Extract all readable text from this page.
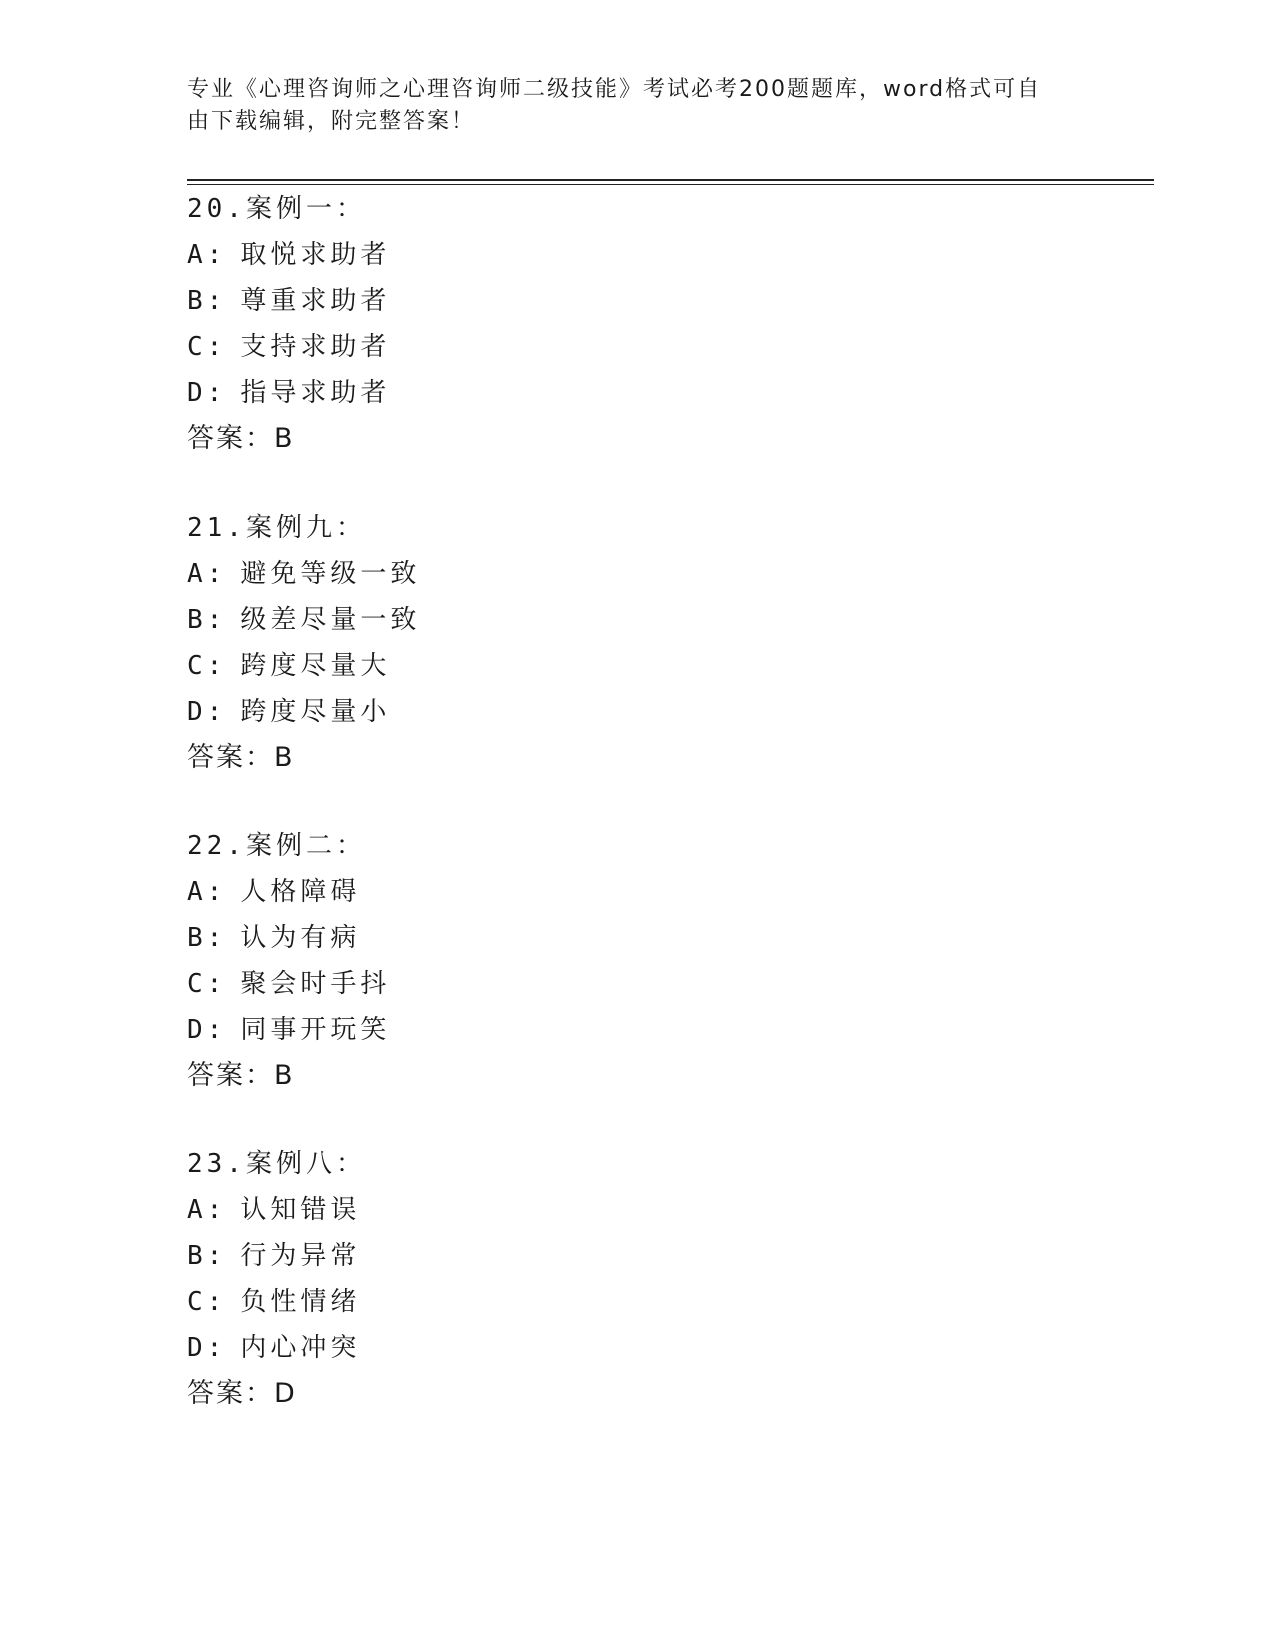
专业《心理咨询师之心理咨询师二级技能》考试必考200题题库，word格式可自
由下载编辑，附完整答案！
20.案例一：
A: 取悦求助者
B: 尊重求助者
C: 支持求助者
D: 指导求助者
答案：B
21.案例九：
A: 避免等级一致
B: 级差尽量一致
C: 跨度尽量大
D: 跨度尽量小
答案：B
22.案例二：
A: 人格障碍
B: 认为有病
C: 聚会时手抖
D: 同事开玩笑
答案：B
23.案例八：
A: 认知错误
B: 行为异常
C: 负性情绪
D: 内心冲突
答案：D
